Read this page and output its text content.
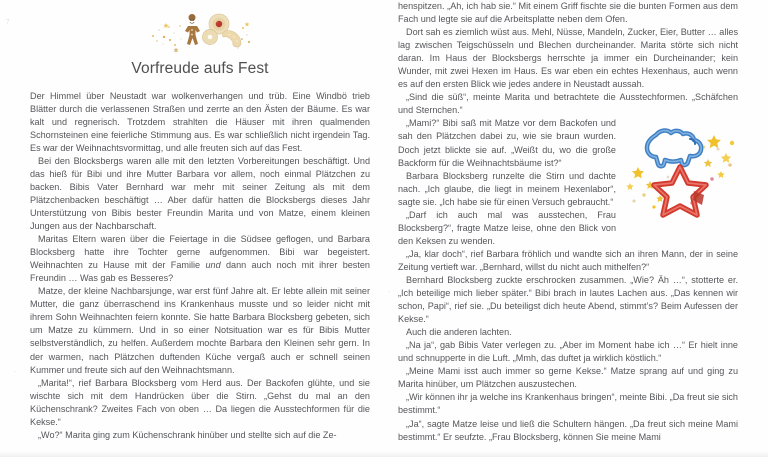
7
·
·
·
Vorfreude aufs Fest

Der Himmel über Neustadt war wolkenverhangen und trüb. Eine Windbö trieb Blätter durch die verlassenen Straßen und zerrte an den Ästen der Bäume. Es war kalt und regnerisch. Trotzdem strahlten die Häuser mit ihren qualmenden Schornsteinen eine feierliche Stimmung aus. Es war schließlich nicht irgendein Tag. Es war der Weihnachtsvormittag, und alle freuten sich auf das Fest.

Bei den Blocksbergs waren alle mit den letzten Vorbereitungen beschäftigt. Und das hieß für Bibi und ihre Mutter Barbara vor allem, noch einmal Plätzchen zu backen. Bibis Vater Bernhard war mehr mit seiner Zeitung als mit dem Plätzchenbacken beschäftigt … Aber dafür hatten die Blocksbergs dieses Jahr Unterstützung von Bibis bester Freundin Marita und von Matze, einem kleinen Jungen aus der Nachbarschaft.

Maritas Eltern waren über die Feiertage in die Südsee geflogen, und Barbara Blocksberg hatte ihre Tochter gerne aufgenommen. Bibi war begeistert. Weihnachten zu Hause mit der Familie und dann auch noch mit ihrer besten Freundin … Was gab es Besseres?

Matze, der kleine Nachbarsjunge, war erst fünf Jahre alt. Er lebte allein mit seiner Mutter, die ganz überraschend ins Krankenhaus musste und so leider nicht mit ihrem Sohn Weihnachten feiern konnte. Sie hatte Barbara Blocksberg gebeten, sich um Matze zu kümmern. Und in so einer Notsituation war es für Bibis Mutter selbstverständlich, zu helfen. Außerdem mochte Barbara den Kleinen sehr gern. In der warmen, nach Plätzchen duftenden Küche vergaß auch er schnell seinen Kummer und freute sich auf den Weihnachtsmann.

„Marita!“, rief Barbara Blocksberg vom Herd aus. Der Backofen glühte, und sie wischte sich mit dem Handrücken über die Stirn. „Gehst du mal an den Küchenschrank? Zweites Fach von oben … Da liegen die Ausstechformen für die Kekse.“

„Wo?“ Marita ging zum Küchenschrank hinüber und stellte sich auf die Ze-

henspitzen. „Ah, ich hab sie.“ Mit einem Griff fischte sie die bunten Formen aus dem Fach und legte sie auf die Arbeitsplatte neben dem Ofen.

Dort sah es ziemlich wüst aus. Mehl, Nüsse, Mandeln, Zucker, Eier, Butter … alles lag zwischen Teigschüsseln und Blechen durcheinander. Marita störte sich nicht daran. Im Haus der Blocksbergs herrschte ja immer ein Durcheinander; kein Wunder, mit zwei Hexen im Haus. Es war eben ein echtes Hexenhaus, auch wenn es auf den ersten Blick wie jedes andere in Neustadt aussah.

„Sind die süß“, meinte Marita und betrachtete die Ausstechformen. „Schäfchen und Sternchen.“

„Mami?“ Bibi saß mit Matze vor dem Backofen und sah den Plätzchen dabei zu, wie sie braun wurden. Doch jetzt blickte sie auf. „Weißt du, wo die große Backform für die Weihnachtsbäume ist?“

Barbara Blocksberg runzelte die Stirn und dachte nach. „Ich glaube, die liegt in meinem Hexenlabor“, sagte sie. „Ich habe sie für einen Versuch gebraucht.“

„Darf ich auch mal was ausstechen, Frau Blocksberg?“, fragte Matze leise, ohne den Blick von den Keksen zu wenden.

„Ja, klar doch“, rief Barbara fröhlich und wandte sich an ihren Mann, der in seine Zeitung vertieft war. „Bernhard, willst du nicht auch mithelfen?“

Bernhard Blocksberg zuckte erschrocken zusammen. „Wie? Äh …“, stotterte er. „Ich beteilige mich lieber später.“ Bibi brach in lautes Lachen aus. „Das kennen wir schon, Papi“, rief sie. „Du beteiligst dich heute Abend, stimmt’s? Beim Aufessen der Kekse.“

Auch die anderen lachten.

„Na ja“, gab Bibis Vater verlegen zu. „Aber im Moment habe ich …“ Er hielt inne und schnupperte in die Luft. „Mmh, das duftet ja wirklich köstlich.“

„Meine Mami isst auch immer so gerne Kekse.“ Matze sprang auf und ging zu Marita hinüber, um Plätzchen auszustechen.

„Wir können ihr ja welche ins Krankenhaus bringen“, meinte Bibi. „Da freut sie sich bestimmt.“

„Ja“, sagte Matze leise und ließ die Schultern hängen. „Da freut sich meine Mami bestimmt.“ Er seufzte. „Frau Blocksberg, können Sie meine Mami
